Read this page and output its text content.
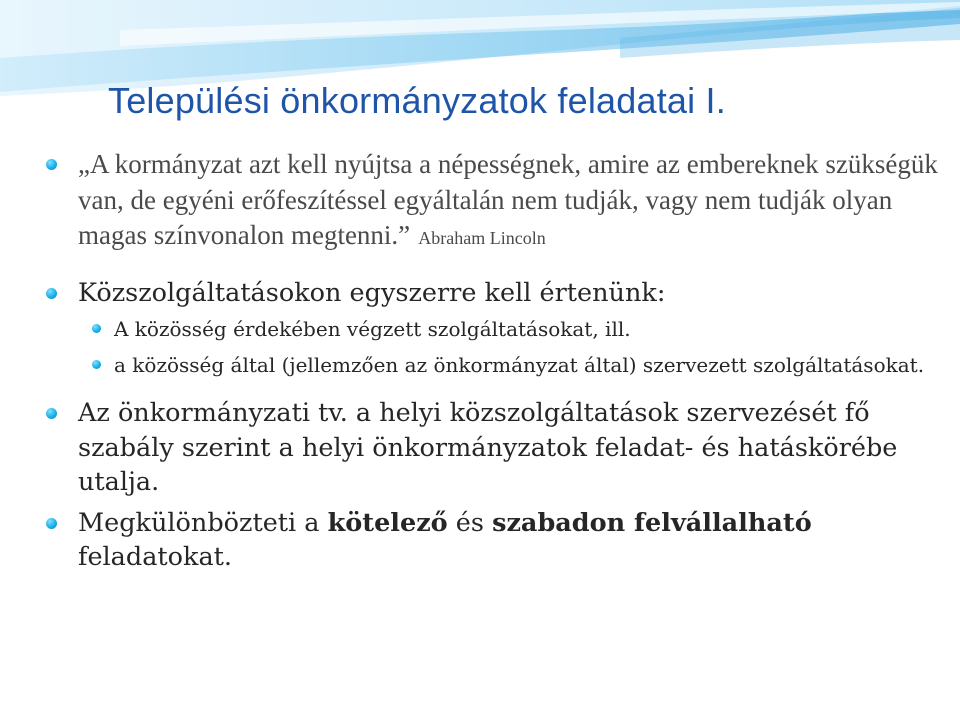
Települési önkormányzatok feladatai I.
„A kormányzat azt kell nyújtsa a népességnek, amire az embereknek szükségük van, de egyéni erőfeszítéssel egyáltalán nem tudják, vagy nem tudják olyan magas színvonalon megtenni.” Abraham Lincoln
Közszolgáltatásokon egyszerre kell értenünk:
A közösség érdekében végzett szolgáltatásokat, ill.
a közösség által (jellemzően az önkormányzat által) szervezett szolgáltatásokat.
Az önkormányzati tv. a helyi közszolgáltatások szervezését fő szabály szerint a helyi önkormányzatok feladat- és hatáskörébe utalja.
Megkülönbözteti a kötelező és szabadon felvállalható feladatokat.
